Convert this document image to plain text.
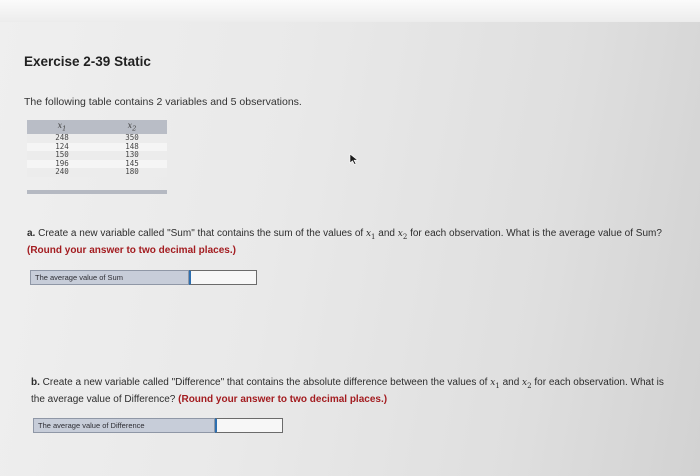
Exercise 2-39 Static
The following table contains 2 variables and 5 observations.
$x_1$	$x_2$
248	350
124	148
150	130
196	145
240	180
a. Create a new variable called "Sum" that contains the sum of the values of $x_1$ and $x_2$ for each observation. What is the average value of Sum? (Round your answer to two decimal places.)
The average value of Sum
b. Create a new variable called "Difference" that contains the absolute difference between the values of $x_1$ and $x_2$ for each observation. What is the average value of Difference? (Round your answer to two decimal places.)
The average value of Difference
